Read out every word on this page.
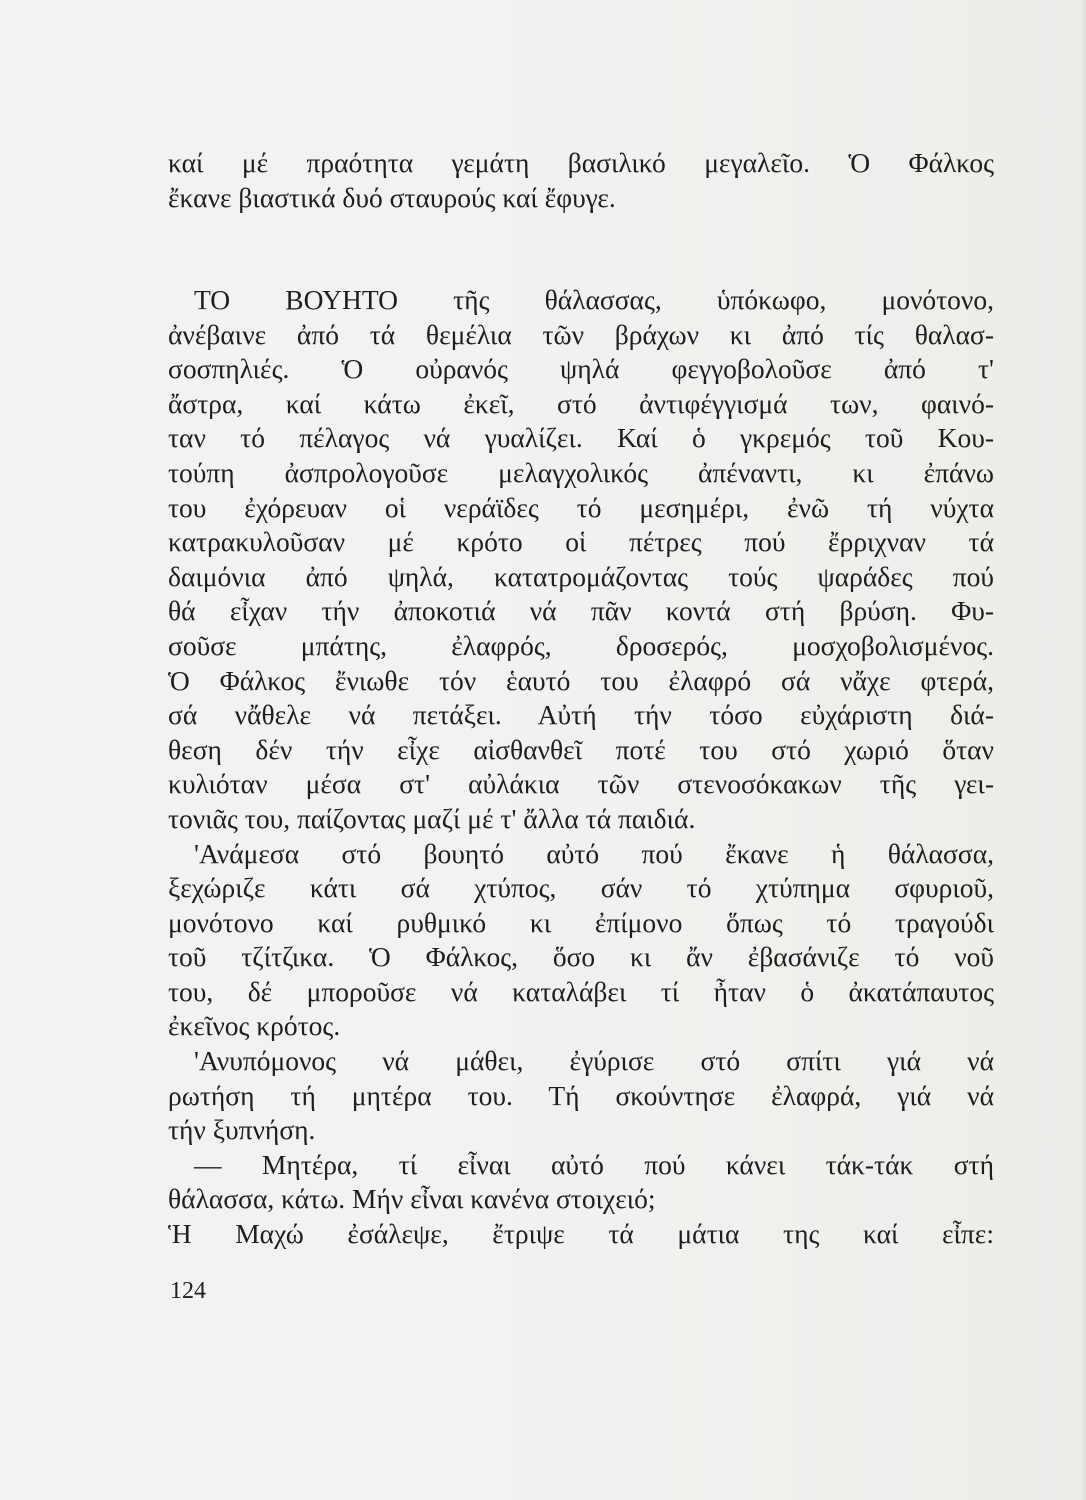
καί μέ πραότητα γεμάτη βασιλικό μεγαλεῖο. Ὁ Φάλκος
ἔκανε βιαστικά δυό σταυρούς καί ἔφυγε.
ΤΟ ΒΟΥΗΤΟ τῆς θάλασσας, ὑπόκωφο, μονότονο,
ἀνέβαινε ἀπό τά θεμέλια τῶν βράχων κι ἀπό τίς θαλασ-
σοσπηλιές. Ὁ οὐρανός ψηλά φεγγοβολοῦσε ἀπό τ'
ἄστρα, καί κάτω ἐκεῖ, στό ἀντιφέγγισμά των, φαινό-
ταν τό πέλαγος νά γυαλίζει. Καί ὁ γκρεμός τοῦ Κου-
τούπη ἀσπρολογοῦσε μελαγχολικός ἀπέναντι, κι ἐπάνω
του ἐχόρευαν οἱ νεράϊδες τό μεσημέρι, ἐνῶ τή νύχτα
κατρακυλοῦσαν μέ κρότο οἱ πέτρες πού ἔρριχναν τά
δαιμόνια ἀπό ψηλά, κατατρομάζοντας τούς ψαράδες πού
θά εἶχαν τήν ἀποκοτιά νά πᾶν κοντά στή βρύση. Φυ-
σοῦσε μπάτης, ἐλαφρός, δροσερός, μοσχοβολισμένος.
Ὁ Φάλκος ἔνιωθε τόν ἑαυτό του ἐλαφρό σά νἄχε φτερά,
σά νἄθελε νά πετάξει. Αὐτή τήν τόσο εὐχάριστη διά-
θεση δέν τήν εἶχε αἰσθανθεῖ ποτέ του στό χωριό ὅταν
κυλιόταν μέσα στ' αὐλάκια τῶν στενοσόκακων τῆς γει-
τονιᾶς του, παίζοντας μαζί μέ τ' ἄλλα τά παιδιά.
'Ανάμεσα στό βουητό αὐτό πού ἔκανε ἡ θάλασσα,
ξεχώριζε κάτι σά χτύπος, σάν τό χτύπημα σφυριοῦ,
μονότονο καί ρυθμικό κι ἐπίμονο ὅπως τό τραγούδι
τοῦ τζίτζικα. Ὁ Φάλκος, ὅσο κι ἄν ἐβασάνιζε τό νοῦ
του, δέ μποροῦσε νά καταλάβει τί ἦταν ὁ ἀκατάπαυτος
ἐκεῖνος κρότος.
'Ανυπόμονος νά μάθει, ἐγύρισε στό σπίτι γιά νά
ρωτήση τή μητέρα του. Τή σκούντησε ἐλαφρά, γιά νά
τήν ξυπνήση.
— Μητέρα, τί εἶναι αὐτό πού κάνει τάκ-τάκ στή
θάλασσα, κάτω. Μήν εἶναι κανένα στοιχειό;
Ἡ Μαχώ ἐσάλεψε, ἔτριψε τά μάτια της καί εἶπε:
124
